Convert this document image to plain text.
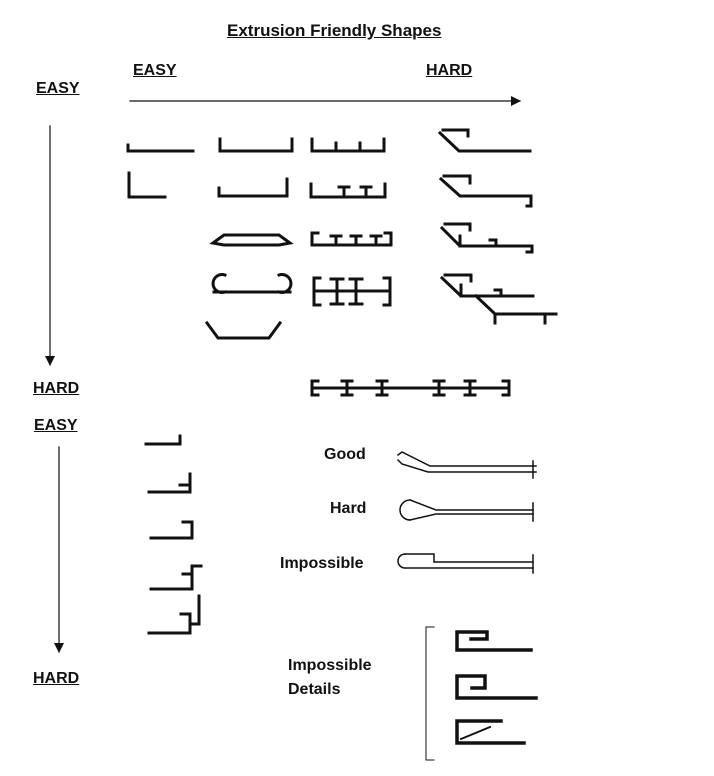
Extrusion Friendly Shapes
EASY	HARD
EASY
HARD
EASY
HARD
Good
Hard
Impossible
Impossible
Details
